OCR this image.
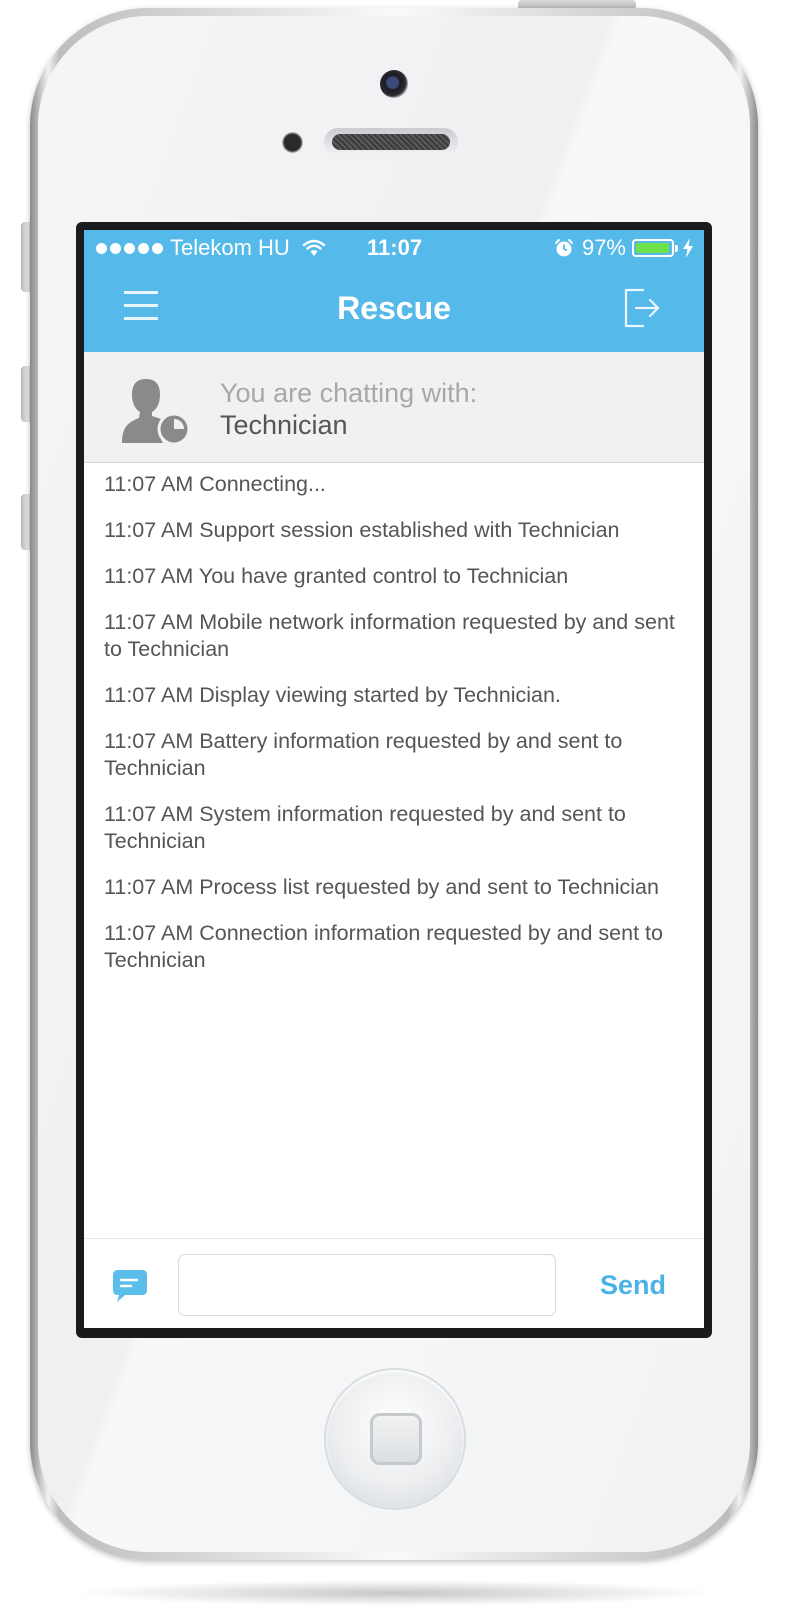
Telekom HU	11:07	97%
Rescue
You are chatting with:
Technician
11:07 AM Connecting...
11:07 AM Support session established with Technician
11:07 AM You have granted control to Technician
11:07 AM Mobile network information requested by and sent to Technician
11:07 AM Display viewing started by Technician.
11:07 AM Battery information requested by and sent to Technician
11:07 AM System information requested by and sent to Technician
11:07 AM Process list requested by and sent to Technician
11:07 AM Connection information requested by and sent to Technician
Send
